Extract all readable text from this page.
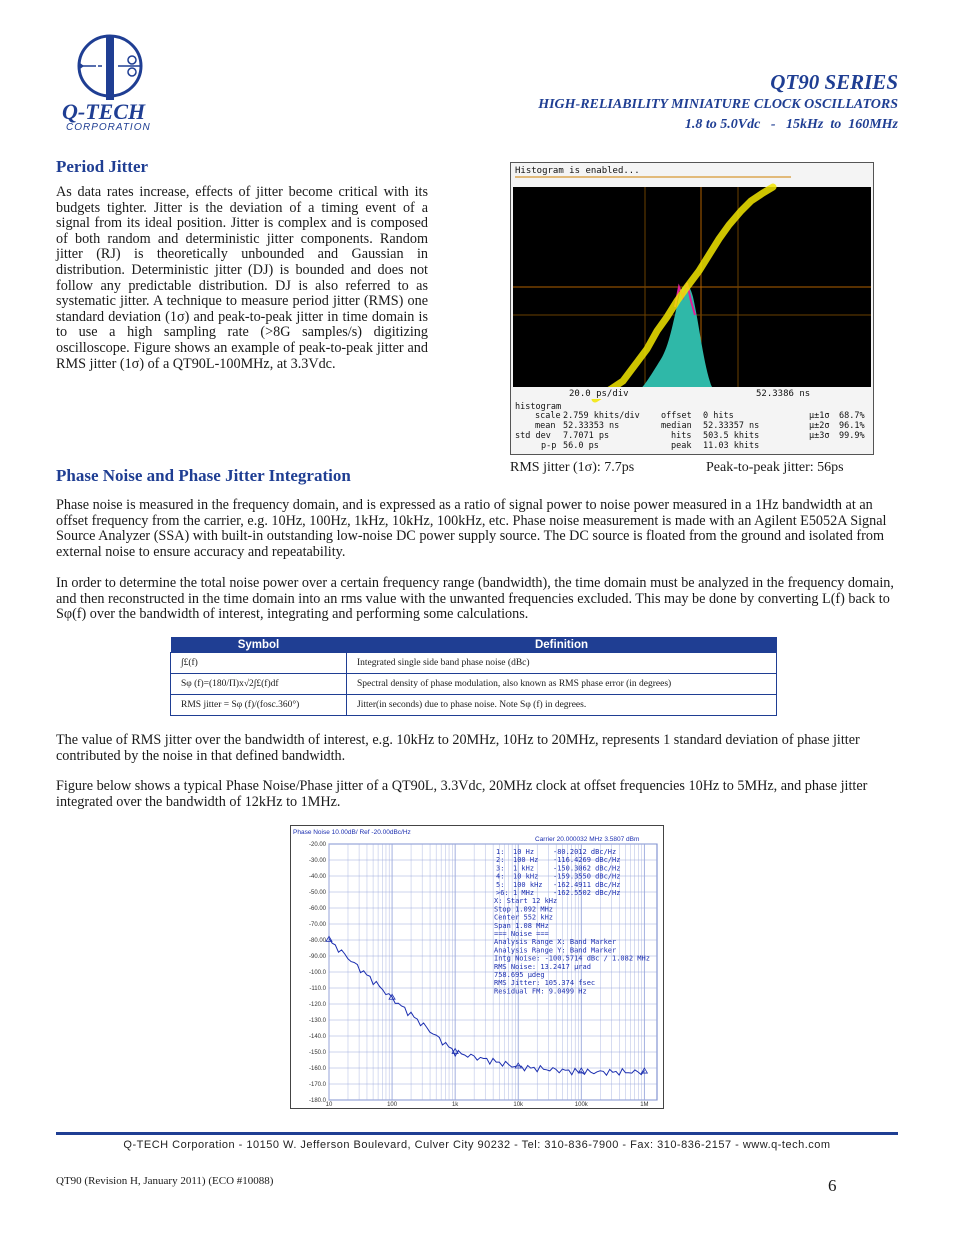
Q-TECH
CORPORATION
QT90 SERIES
HIGH-RELIABILITY MINIATURE CLOCK OSCILLATORS
1.8 to 5.0Vdc   -   15kHz  to  160MHz
Period Jitter
As data rates increase, effects of jitter become critical with its budgets tighter. Jitter is the deviation of a timing event of a signal from its ideal position. Jitter is complex and is composed of both random and deterministic jitter components. Random jitter (RJ) is theoretically unbounded and Gaussian in distribution. Deterministic jitter (DJ) is bounded and does not follow any predictable distribution. DJ is also referred to as systematic jitter. A technique to measure period jitter (RMS) one standard deviation (1σ) and peak-to-peak jitter in time domain is to use a high sampling rate (>8G samples/s) digitizing oscilloscope. Figure shows an example of peak-to-peak jitter and RMS jitter (1σ) of a QT90L-100MHz, at 3.3Vdc.
Histogram is enabled...
20.0 ps/div	52.3386 ns
histogram
scale 2.759 khits/div offset 0 hits	μ±1σ 68.7%
mean 52.33353 ns	median 52.33357 ns	μ±2σ 96.1%
std dev 7.7071 ps	hits 503.5 khits	μ±3σ 99.9%
p-p 56.0 ps	peak 11.03 khits
RMS jitter (1σ): 7.7ps	Peak-to-peak jitter: 56ps
Phase Noise and Phase Jitter Integration
Phase noise is measured in the frequency domain, and is expressed as a ratio of signal power to noise power measured in a 1Hz bandwidth at an offset frequency from the carrier, e.g. 10Hz, 100Hz, 1kHz, 10kHz, 100kHz, etc. Phase noise measurement is made with an Agilent E5052A Signal Source Analyzer (SSA) with built-in outstanding low-noise DC power supply source. The DC source is floated from the ground and isolated from external noise to ensure accuracy and repeatability.
In order to determine the total noise power over a certain frequency range (bandwidth), the time domain must be analyzed in the frequency domain, and then reconstructed in the time domain into an rms value with the unwanted frequencies excluded. This may be done by converting L(f) back to Sφ(f) over the bandwidth of interest, integrating and performing some calculations.
Symbol	Definition
∫£(f)	Integrated single side band phase noise (dBc)
Sφ (f)=(180/Π)x√2∫£(f)df	Spectral density of phase modulation, also known as RMS phase error (in degrees)
RMS jitter = Sφ (f)/(fosc.360°)	Jitter(in seconds) due to phase noise. Note Sφ (f) in degrees.
The value of RMS jitter over the bandwidth of interest, e.g. 10kHz to 20MHz, 10Hz to 20MHz, represents 1 standard deviation of phase jitter contributed by the noise in that defined bandwidth.
Figure below shows a typical Phase Noise/Phase jitter of a QT90L, 3.3Vdc, 20MHz clock at offset frequencies 10Hz to 5MHz, and phase jitter integrated over the bandwidth of 12kHz to 1MHz.
Phase Noise 10.00dB/ Ref -20.00dBc/Hz
Carrier 20.000032 MHz 3.5807 dBm
-20.00
-30.00
-40.00
-50.00
-60.00
-70.00
-80.00
-90.00
-100.0
-110.0
-120.0
-130.0
-140.0
-150.0
-160.0
-170.0
-180.0
10	100	1k	10k	100k	1M
1: 10 Hz	-80.2012 dBc/Hz
2: 100 Hz -116.4269 dBc/Hz
3: 1 kHz	-150.3062 dBc/Hz
4: 10 kHz -159.3550 dBc/Hz
5: 100 kHz -162.4911 dBc/Hz
>6: 1 MHz	-162.5502 dBc/Hz
X: Start 12 kHz
Stop 1.092 MHz
Center 552 kHz
Span 1.08 MHz
=== Noise ===
Analysis Range X: Band Marker
Analysis Range Y: Band Marker
Intg Noise: -100.5714 dBc / 1.082 MHz
RMS Noise: 13.2417 μrad
758.695 μdeg
RMS Jitter: 105.374 fsec
Residual FM: 9.0499 Hz
Q-TECH Corporation - 10150 W. Jefferson Boulevard, Culver City 90232 - Tel: 310-836-7900 - Fax: 310-836-2157 - www.q-tech.com
QT90 (Revision H, January 2011) (ECO #10088)	6
